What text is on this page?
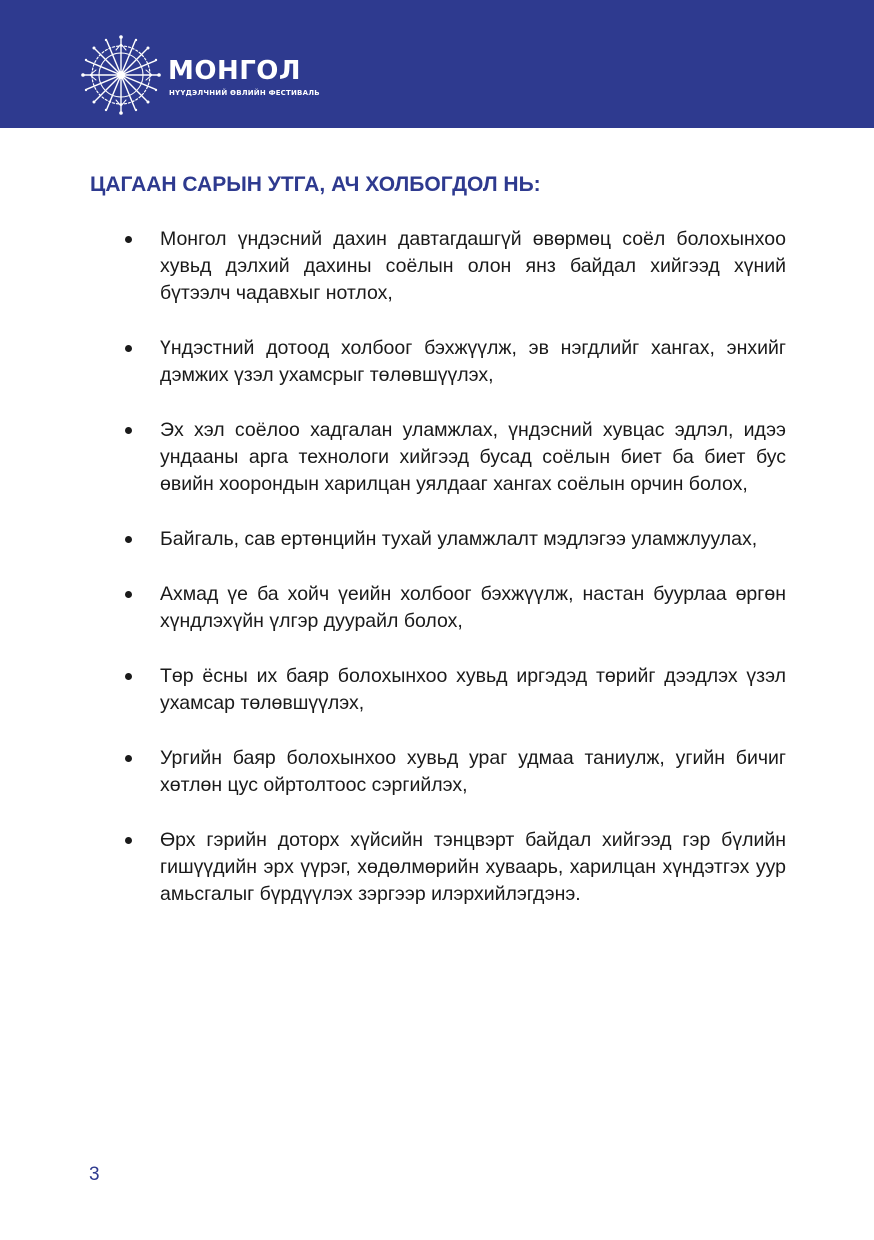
МОНГОЛ
НҮҮДЭЛЧНИЙ ӨВЛИЙН ФЕСТИВАЛЬ
ЦАГААН САРЫН УТГА, АЧ ХОЛБОГДОЛ НЬ:
Монгол үндэсний дахин давтагдашгүй өвөрмөц соёл болохынхоо хувьд дэлхий дахины соёлын олон янз байдал хийгээд хүний бүтээлч чадавхыг нотлох,
Үндэстний дотоод холбоог бэхжүүлж, эв нэгдлийг хангах, энхийг дэмжих үзэл ухамсрыг төлөвшүүлэх,
Эх хэл соёлоо хадгалан уламжлах, үндэсний хувцас эдлэл, идээ ундааны арга технологи хийгээд бусад соёлын биет ба биет бус өвийн хоорондын харилцан уялдааг хангах соёлын орчин болох,
Байгаль, сав ертөнцийн тухай уламжлалт мэдлэгээ уламжлуулах,
Ахмад үе ба хойч үеийн холбоог бэхжүүлж, настан буурлаа өргөн хүндлэхүйн үлгэр дуурайл болох,
Төр ёсны их баяр болохынхоо хувьд иргэдэд төрийг дээдлэх үзэл ухамсар төлөвшүүлэх,
Ургийн баяр болохынхоо хувьд ураг удмаа таниулж, угийн бичиг хөтлөн цус ойртолтоос сэргийлэх,
Өрх гэрийн доторх хүйсийн тэнцвэрт байдал хийгээд гэр бүлийн гишүүдийн эрх үүрэг, хөдөлмөрийн хуваарь, харилцан хүндэтгэх уур амьсгалыг бүрдүүлэх зэргээр илэрхийлэгдэнэ.
3
